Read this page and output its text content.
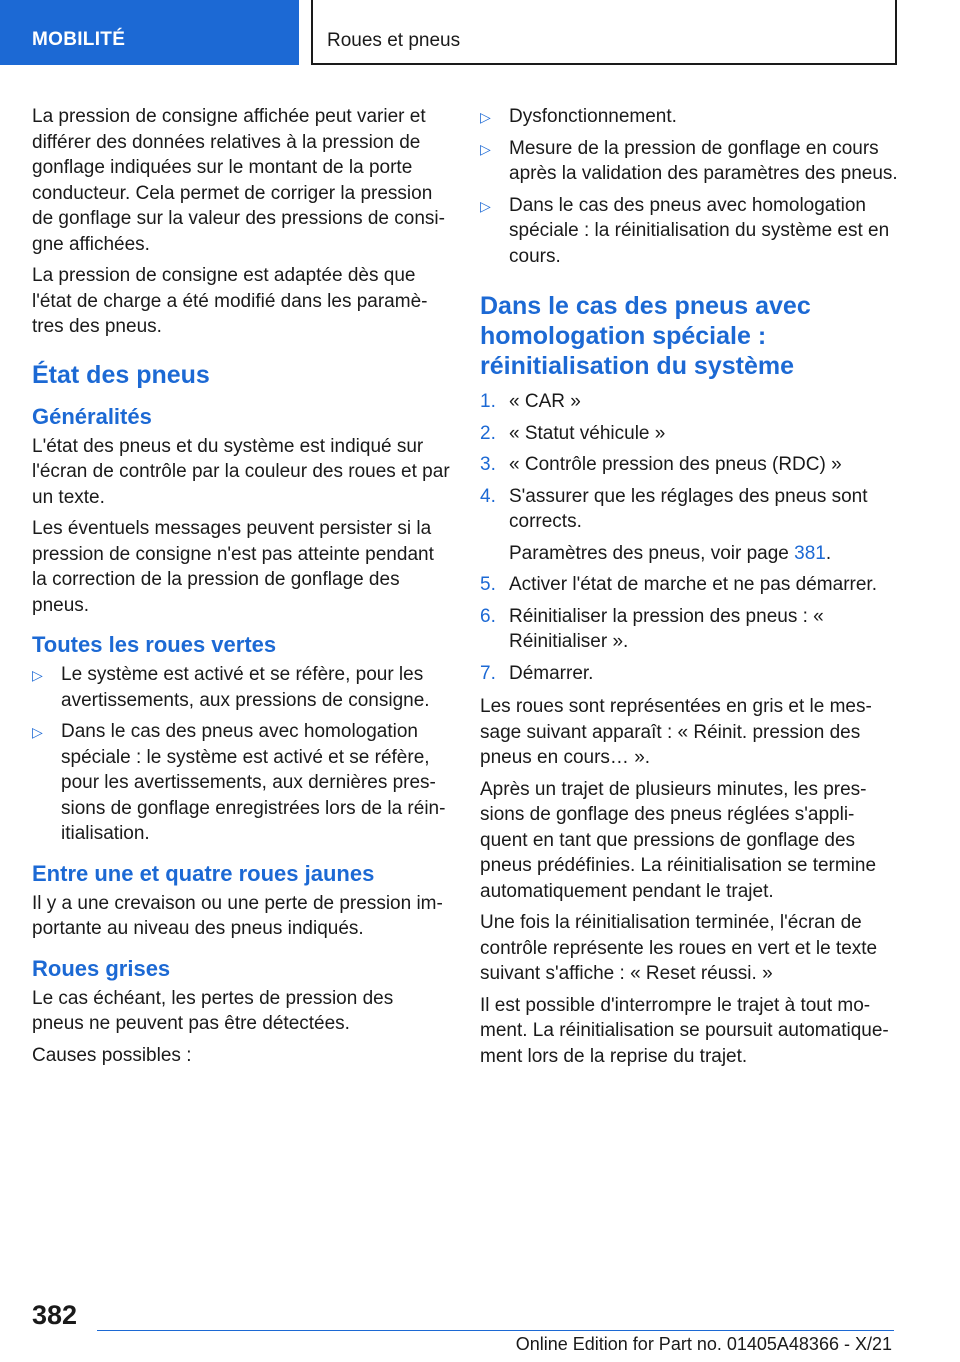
MOBILITÉ	Roues et pneus

La pression de consigne affichée peut varier et différer des données relatives à la pression de gonflage indiquées sur le montant de la porte conducteur. Cela permet de corriger la pression de gonflage sur la valeur des pressions de consi‐gne affichées.

La pression de consigne est adaptée dès que l'état de charge a été modifié dans les paramè‐tres des pneus.

État des pneus
Généralités

L'état des pneus et du système est indiqué sur l'écran de contrôle par la couleur des roues et par un texte.

Les éventuels messages peuvent persister si la pression de consigne n'est pas atteinte pendant la correction de la pression de gonflage des pneus.

Toutes les roues vertes
▷ Le système est activé et se réfère, pour les avertissements, aux pressions de consigne.
▷ Dans le cas des pneus avec homologation spéciale : le système est activé et se réfère, pour les avertissements, aux dernières pres‐sions de gonflage enregistrées lors de la réin‐itialisation.
Entre une et quatre roues jaunes

Il y a une crevaison ou une perte de pression im‐portante au niveau des pneus indiqués.

Roues grises

Le cas échéant, les pertes de pression des pneus ne peuvent pas être détectées.

Causes possibles :

▷ Dysfonctionnement.
▷ Mesure de la pression de gonflage en cours après la validation des paramètres des pneus.
▷ Dans le cas des pneus avec homologation spéciale : la réinitialisation du système est en cours.
Dans le cas des pneus avec homologation spéciale : réinitialisation du système
1. « CAR »
2. « Statut véhicule »
3. « Contrôle pression des pneus (RDC) »
4. S'assurer que les réglages des pneus sont corrects.
Paramètres des pneus, voir page 381.
5. Activer l'état de marche et ne pas démarrer.
6. Réinitialiser la pression des pneus : « Réinitialiser ».
7. Démarrer.

Les roues sont représentées en gris et le mes‐sage suivant apparaît : « Réinit. pression des pneus en cours… ».

Après un trajet de plusieurs minutes, les pres‐sions de gonflage des pneus réglées s'appli‐quent en tant que pressions de gonflage des pneus prédéfinies. La réinitialisation se termine automatiquement pendant le trajet.

Une fois la réinitialisation terminée, l'écran de contrôle représente les roues en vert et le texte suivant s'affiche : « Reset réussi. »

Il est possible d'interrompre le trajet à tout mo‐ment. La réinitialisation se poursuit automatique‐ment lors de la reprise du trajet.

382
Online Edition for Part no. 01405A48366 - X/21
